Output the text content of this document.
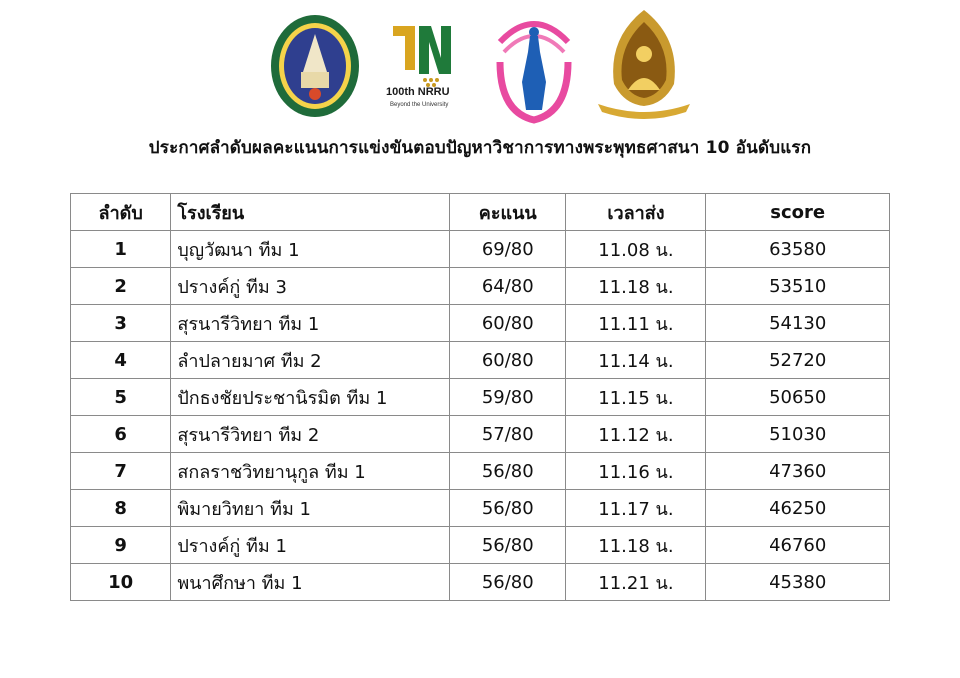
100th NRRU
Beyond the University
ประกาศลำดับผลคะแนนการแข่งขันตอบปัญหาวิชาการทางพระพุทธศาสนา 10 อันดับแรก
ลำดับ	โรงเรียน	คะแนน	เวลาส่ง	score
1	บุญวัฒนา ทีม 1	69/80	11.08 น.	63580
2	ปรางค์กู่ ทีม 3	64/80	11.18 น.	53510
3	สุรนารีวิทยา ทีม 1	60/80	11.11 น.	54130
4	ลำปลายมาศ ทีม 2	60/80	11.14 น.	52720
5	ปักธงชัยประชานิรมิต ทีม 1	59/80	11.15 น.	50650
6	สุรนารีวิทยา ทีม 2	57/80	11.12 น.	51030
7	สกลราชวิทยานุกูล ทีม 1	56/80	11.16 น.	47360
8	พิมายวิทยา ทีม 1	56/80	11.17 น.	46250
9	ปรางค์กู่ ทีม 1	56/80	11.18 น.	46760
10	พนาศึกษา ทีม 1	56/80	11.21 น.	45380
